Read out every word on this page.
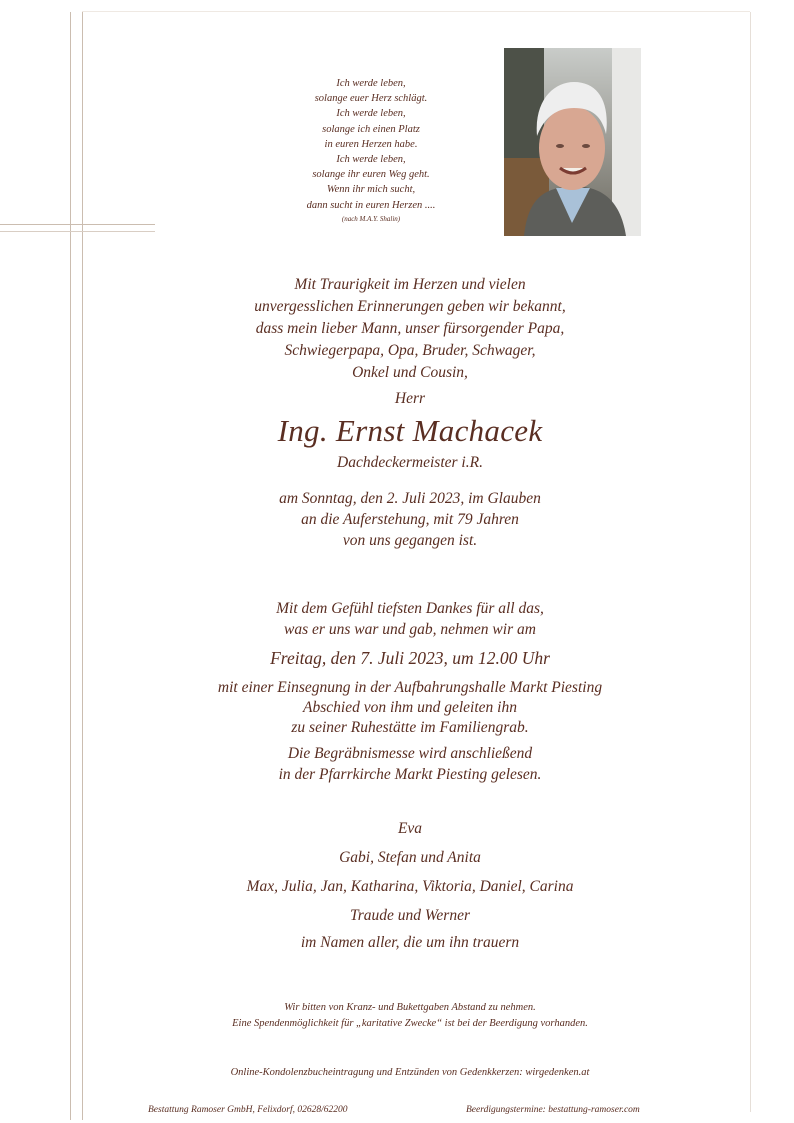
Ich werde leben,
solange euer Herz schlägt.
Ich werde leben,
solange ich einen Platz
in euren Herzen habe.
Ich werde leben,
solange ihr euren Weg geht.
Wenn ihr mich sucht,
dann sucht in euren Herzen ....
(nach M.A.Y. Shalin)
Mit Traurigkeit im Herzen und vielen
unvergesslichen Erinnerungen geben wir bekannt,
dass mein lieber Mann, unser fürsorgender Papa,
Schwiegerpapa, Opa, Bruder, Schwager,
Onkel und Cousin,
Herr
Ing. Ernst Machacek
Dachdeckermeister i.R.
am Sonntag, den 2. Juli 2023, im Glauben
an die Auferstehung, mit 79 Jahren
von uns gegangen ist.
Mit dem Gefühl tiefsten Dankes für all das,
was er uns war und gab, nehmen wir am
Freitag, den 7. Juli 2023, um 12.00 Uhr
mit einer Einsegnung in der Aufbahrungshalle Markt Piesting
Abschied von ihm und geleiten ihn
zu seiner Ruhestätte im Familiengrab.
Die Begräbnismesse wird anschließend
in der Pfarrkirche Markt Piesting gelesen.
Eva
Gabi, Stefan und Anita
Max, Julia, Jan, Katharina, Viktoria, Daniel, Carina
Traude und Werner
im Namen aller, die um ihn trauern
Wir bitten von Kranz- und Bukettgaben Abstand zu nehmen.
Eine Spendenmöglichkeit für „karitative Zwecke“ ist bei der Beerdigung vorhanden.
Online-Kondolenzbucheintragung und Entzünden von Gedenkkerzen: wirgedenken.at
Bestattung Ramoser GmbH, Felixdorf, 02628/62200	Beerdigungstermine: bestattung-ramoser.com
